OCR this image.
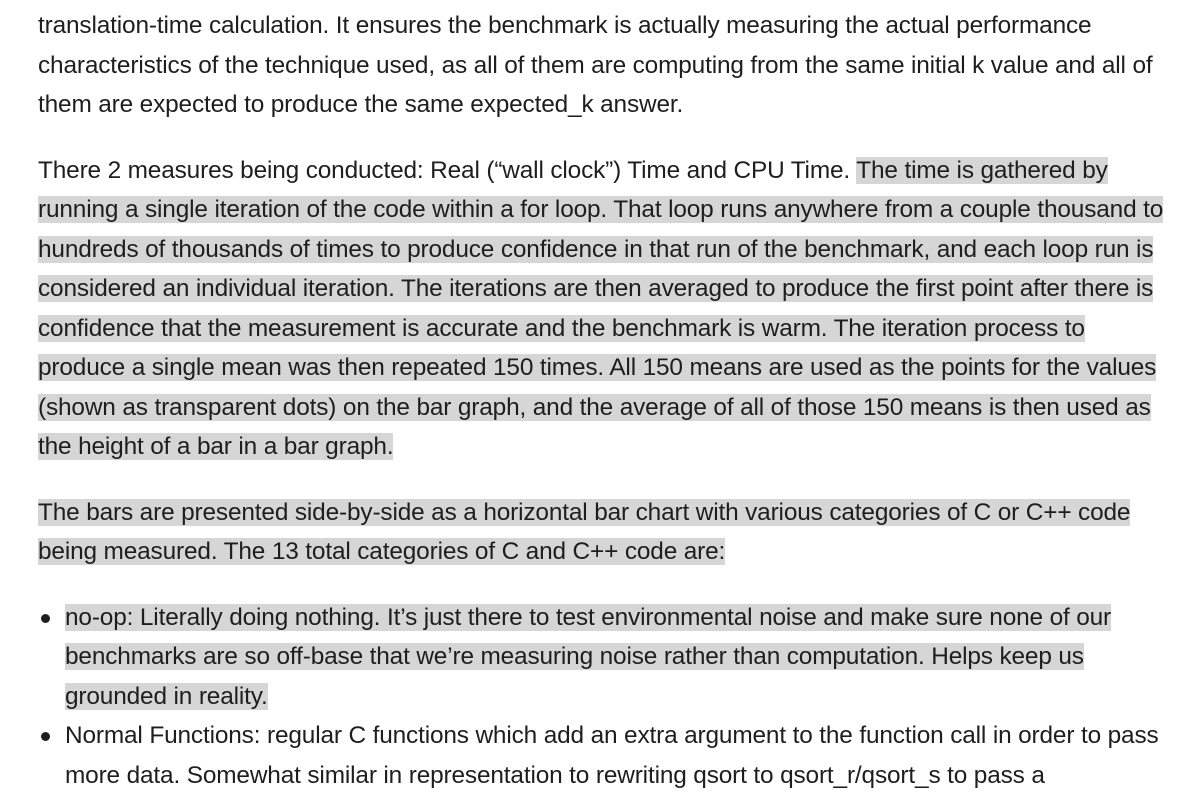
translation-time calculation. It ensures the benchmark is actually measuring the actual performance characteristics of the technique used, as all of them are computing from the same initial k value and all of them are expected to produce the same expected_k answer.

There 2 measures being conducted: Real (“wall clock”) Time and CPU Time. The time is gathered by running a single iteration of the code within a for loop. That loop runs anywhere from a couple thousand to hundreds of thousands of times to produce confidence in that run of the benchmark, and each loop run is considered an individual iteration. The iterations are then averaged to produce the first point after there is confidence that the measurement is accurate and the benchmark is warm. The iteration process to produce a single mean was then repeated 150 times. All 150 means are used as the points for the values (shown as transparent dots) on the bar graph, and the average of all of those 150 means is then used as the height of a bar in a bar graph.

The bars are presented side-by-side as a horizontal bar chart with various categories of C or C++ code being measured. The 13 total categories of C and C++ code are:

no-op: Literally doing nothing. It’s just there to test environmental noise and make sure none of our benchmarks are so off-base that we’re measuring noise rather than computation. Helps keep us grounded in reality.
Normal Functions: regular C functions which add an extra argument to the function call in order to pass more data. Somewhat similar in representation to rewriting qsort to qsort_r/qsort_s to pass a
